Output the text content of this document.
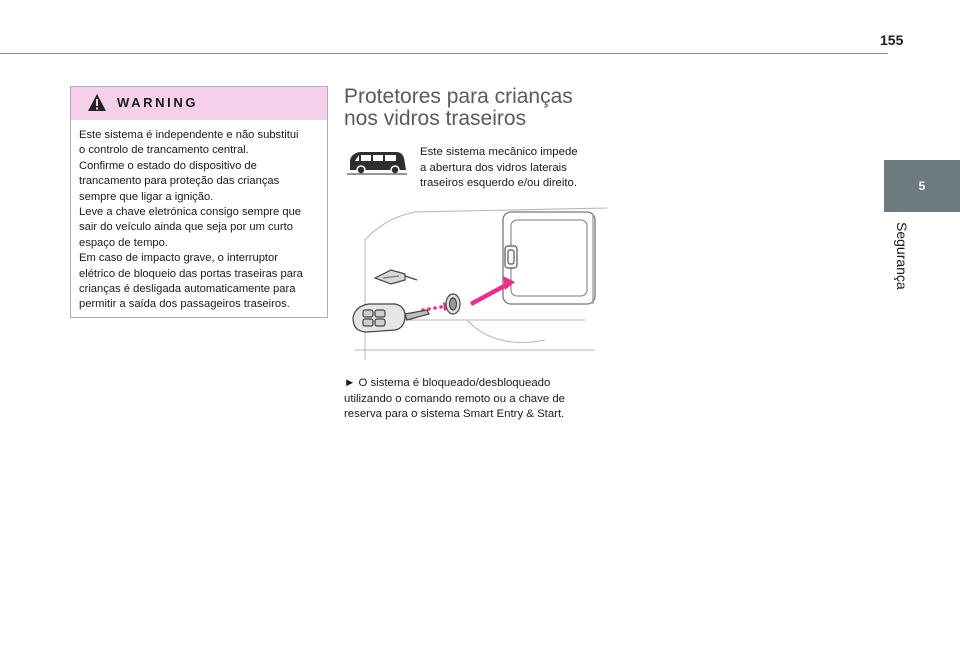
155
5
Segurança
WARNING

Este sistema é independente e não substitui

o controlo de trancamento central.

Confirme o estado do dispositivo de

trancamento para proteção das crianças

sempre que ligar a ignição.

Leve a chave eletrónica consigo sempre que

sair do veículo ainda que seja por um curto

espaço de tempo.

Em caso de impacto grave, o interruptor

elétrico de bloqueio das portas traseiras para

crianças é desligada automaticamente para

permitir a saída dos passageiros traseiros.

Protetores para crianças
nos vidros traseiros

Este sistema mecânico impede
a abertura dos vidros laterais
traseiros esquerdo e/ou direito.

► O sistema é bloqueado/desbloqueado
utilizando o comando remoto ou a chave de
reserva para o sistema Smart Entry & Start.
